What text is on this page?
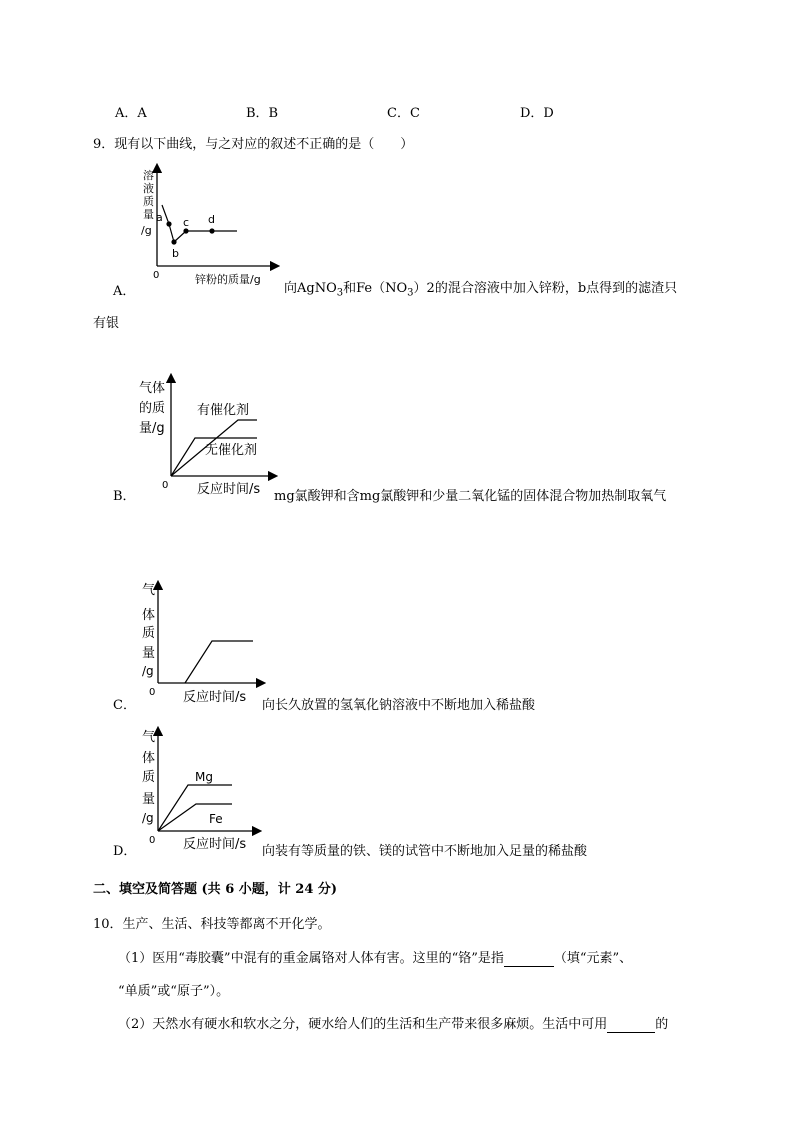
A．A	B．B	C．C	D．D
9．现有以下曲线，与之对应的叙述不正确的是（　　）
溶
液
质
量
/g
a
b
c d
0	锌粉的质量/g
A．	向AgNO$_3$和$Fe(NO_3)2$的混合溶液中加入锌粉，b点得到的滤渣只
有银
气体
的质
量/g
有催化剂
无催化剂
0 反应时间/s
B．	mg氯酸钾和含mg氯酸钾和少量二氧化锰的固体混合物加热制取氧气
气
体
质
量
/g
0 反应时间/s
C．	向长久放置的氢氧化钠溶液中不断地加入稀盐酸
气
体
质
量
/g
Mg
Fe
0 反应时间/s
D．	向装有等质量的铁、镁的试管中不断地加入足量的稀盐酸
二、填空及简答题 (共 6 小题，计 24 分)
10．生产、生活、科技等都离不开化学。
（1）医用“毒胶囊”中混有的重金属铬对人体有害。这里的“铬”是指	（填“元素”、
“单质”或“原子”）。
（2）天然水有硬水和软水之分，硬水给人们的生活和生产带来很多麻烦。生活中可用	的
